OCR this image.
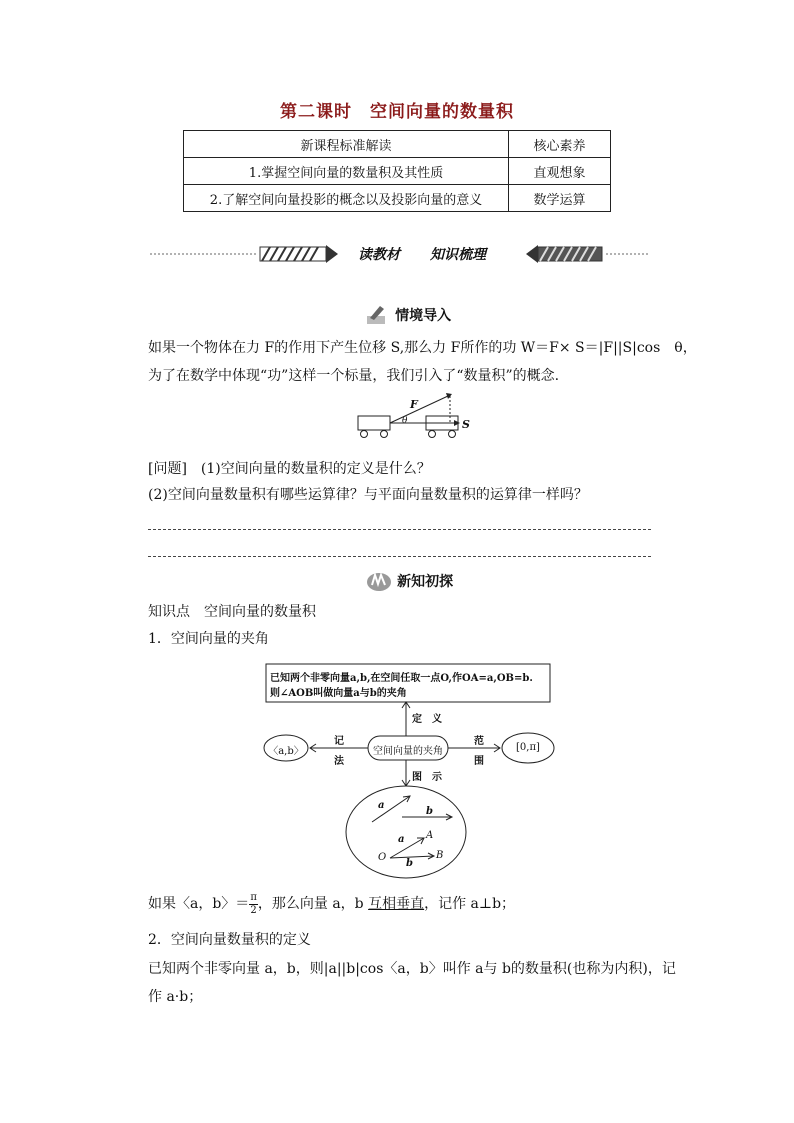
第二课时　空间向量的数量积
新课程标准解读	核心素养
1.掌握空间向量的数量积及其性质	直观想象
2.了解空间向量投影的概念以及投影向量的意义	数学运算
读教材 知识梳理
情境导入
如果一个物体在力 F的作用下产生位移 S,那么力 F所作的功 W＝F× S＝|F||S|cos　θ，
为了在数学中体现“功”这样一个标量，我们引入了“数量积”的概念.
F
θ	S
[问题]　(1)空间向量的数量积的定义是什么？
(2)空间向量数量积有哪些运算律？与平面向量数量积的运算律一样吗？
新知初探
知识点　空间向量的数量积
1．空间向量的夹角
已知两个非零向量a,b,在空间任取一点O,作OA=a,OB=b.
则∠AOB叫做向量a与b的夹角
定　义
空间向量的夹角
记
法
〈a,b〉
范
围
[0,π]
图　示
a
b
a A
b
B
O
如果〈a，b〉＝ $\frac{\pi}{2}$ ，那么向量 a，b 互相垂直，记作 a⊥b；
2．空间向量数量积的定义
已知两个非零向量 a，b，则|a||b|cos〈a，b〉叫作 a与 b的数量积(也称为内积)，记
作 a·b；
